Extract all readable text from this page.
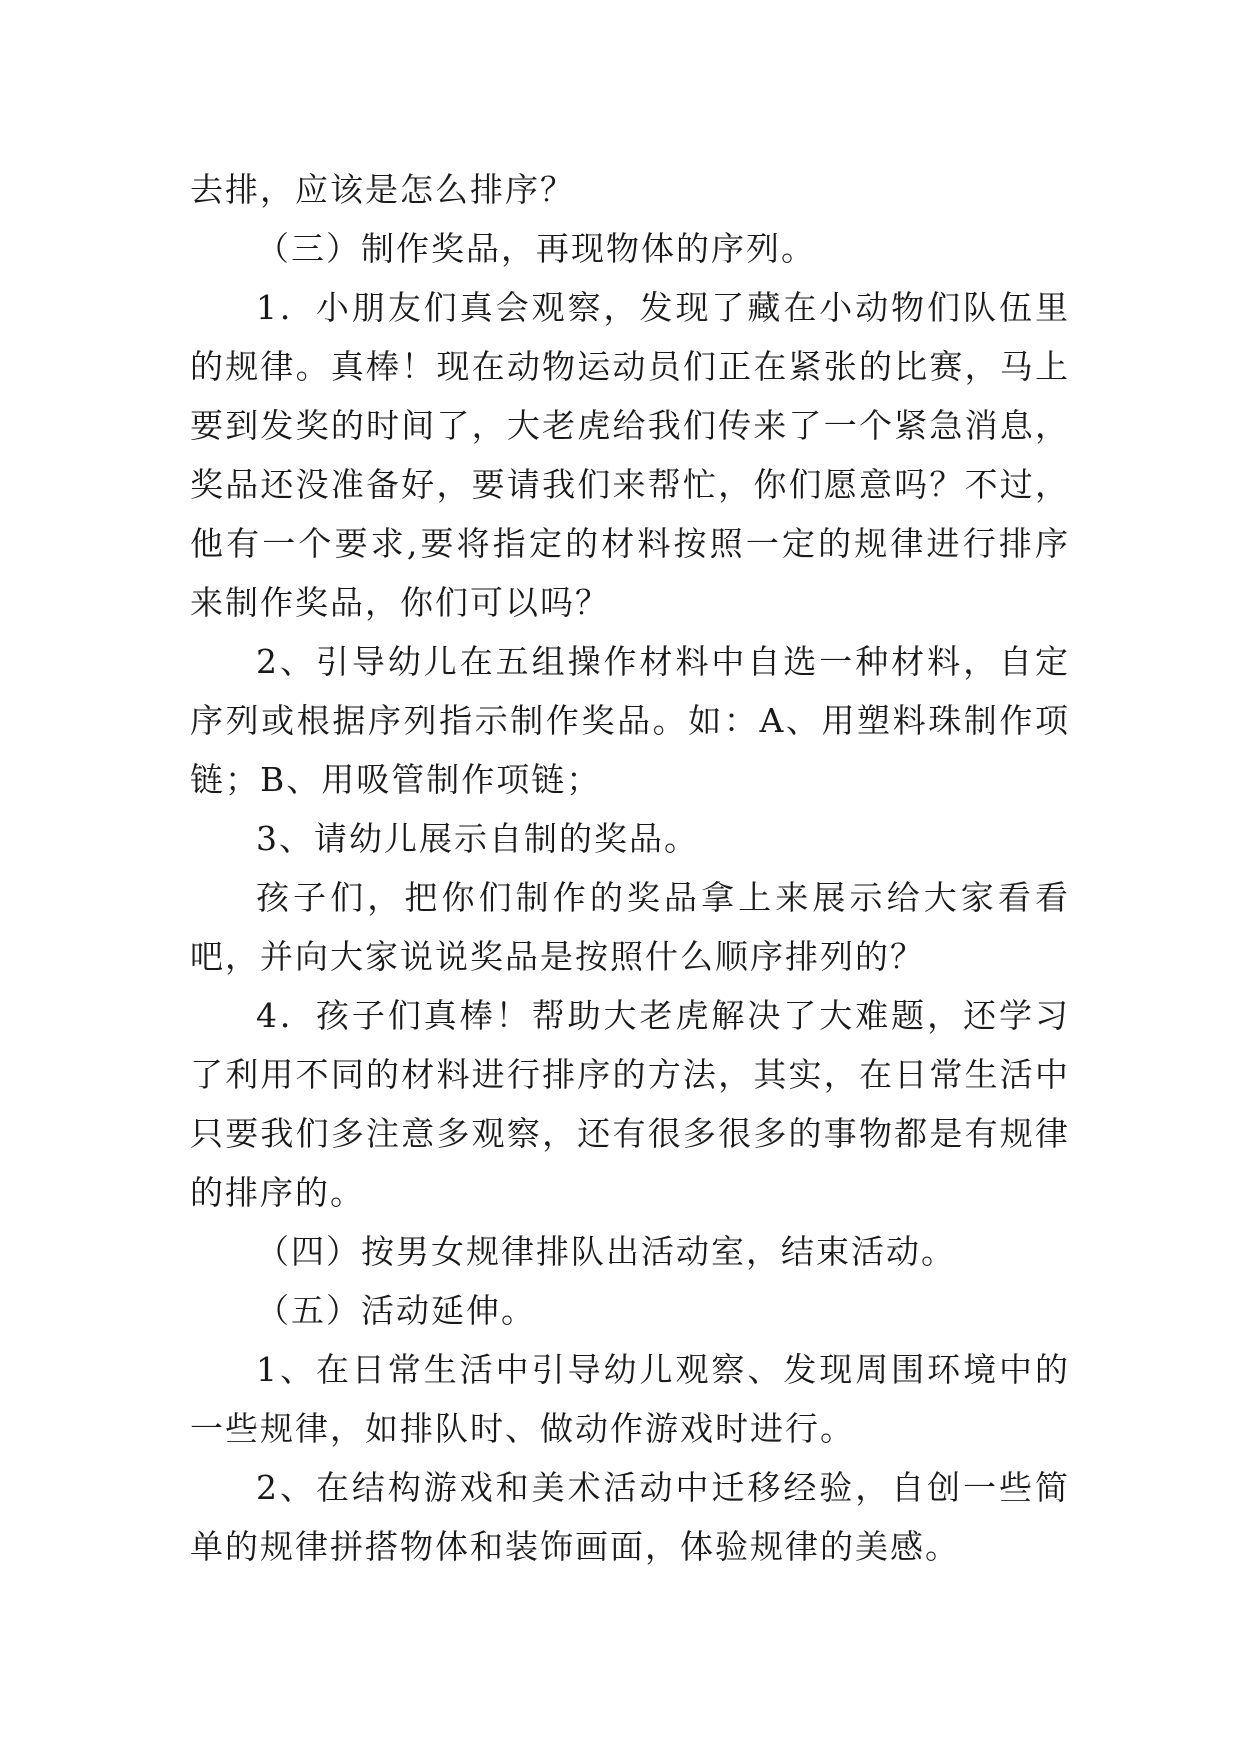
去排，应该是怎么排序？

（三）制作奖品，再现物体的序列。

1．小朋友们真会观察，发现了藏在小动物们队伍里的规律。真棒！现在动物运动员们正在紧张的比赛，马上要到发奖的时间了，大老虎给我们传来了一个紧急消息，奖品还没准备好，要请我们来帮忙，你们愿意吗？不过，他有一个要求,要将指定的材料按照一定的规律进行排序来制作奖品，你们可以吗？

2、引导幼儿在五组操作材料中自选一种材料，自定序列或根据序列指示制作奖品。如：A、用塑料珠制作项链；B、用吸管制作项链；

3、请幼儿展示自制的奖品。

孩子们，把你们制作的奖品拿上来展示给大家看看吧，并向大家说说奖品是按照什么顺序排列的？

4．孩子们真棒！帮助大老虎解决了大难题，还学习了利用不同的材料进行排序的方法，其实，在日常生活中只要我们多注意多观察，还有很多很多的事物都是有规律的排序的。

（四）按男女规律排队出活动室，结束活动。

（五）活动延伸。

1、在日常生活中引导幼儿观察、发现周围环境中的一些规律，如排队时、做动作游戏时进行。

2、在结构游戏和美术活动中迁移经验，自创一些简单的规律拼搭物体和装饰画面，体验规律的美感。
